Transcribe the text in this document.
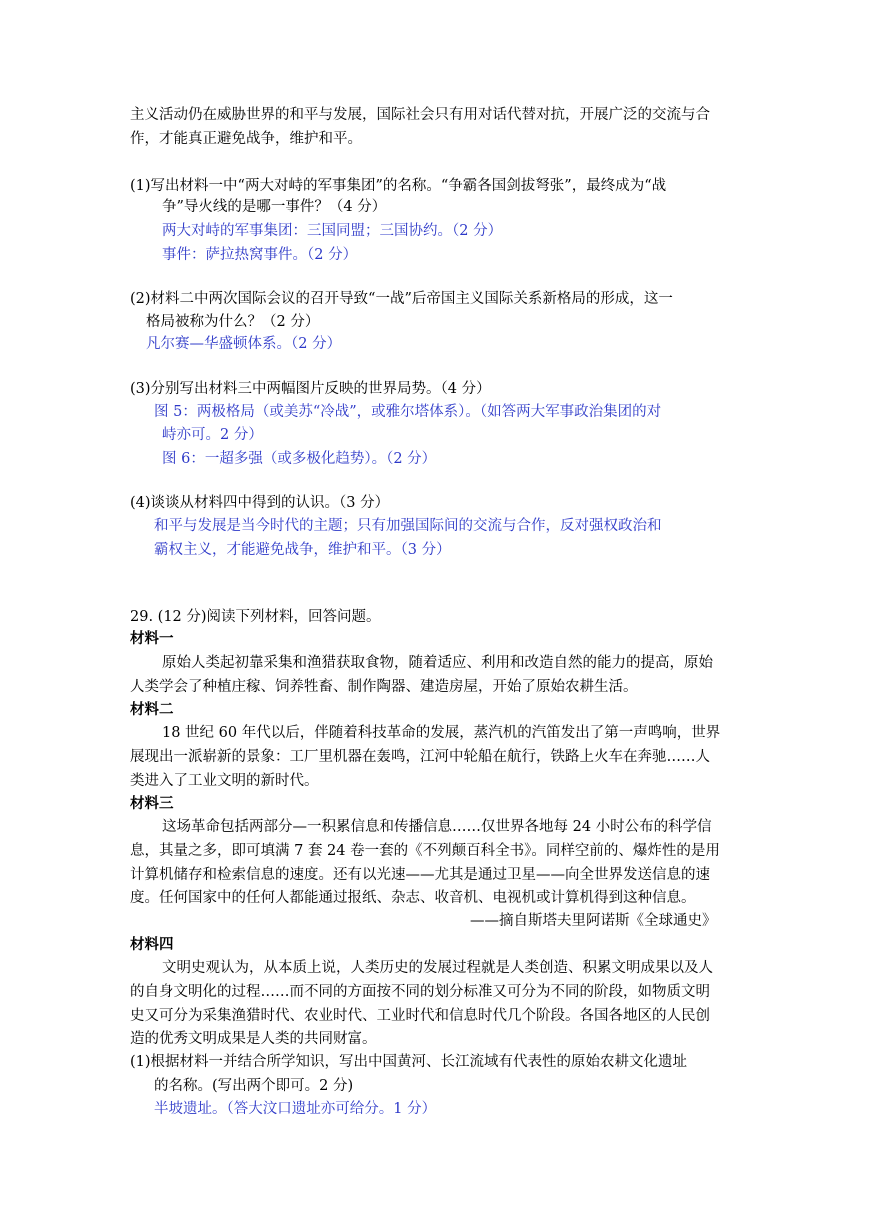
主义活动仍在威胁世界的和平与发展，国际社会只有用对话代替对抗，开展广泛的交流与合
作，才能真正避免战争，维护和平。
(1)写出材料一中“两大对峙的军事集团”的名称。“争霸各国剑拔弩张”，最终成为“战
争”导火线的是哪一事件？（4 分）
两大对峙的军事集团：三国同盟；三国协约。（2 分）
事件：萨拉热窝事件。（2 分）
(2)材料二中两次国际会议的召开导致“一战”后帝国主义国际关系新格局的形成，这一
格局被称为什么？（2 分）
凡尔赛—华盛顿体系。（2 分）
(3)分别写出材料三中两幅图片反映的世界局势。（4 分）
图 5：两极格局（或美苏“冷战”，或雅尔塔体系）。（如答两大军事政治集团的对
峙亦可。2 分）
图 6：一超多强（或多极化趋势）。（2 分）
(4)谈谈从材料四中得到的认识。（3 分）
和平与发展是当今时代的主题；只有加强国际间的交流与合作，反对强权政治和
霸权主义，才能避免战争，维护和平。（3 分）
29. (12 分)阅读下列材料，回答问题。
材料一
原始人类起初靠采集和渔猎获取食物，随着适应、利用和改造自然的能力的提高，原始
人类学会了种植庄稼、饲养牲畜、制作陶器、建造房屋，开始了原始农耕生活。
材料二
18 世纪 60 年代以后，伴随着科技革命的发展，蒸汽机的汽笛发出了第一声鸣响，世界
展现出一派崭新的景象：工厂里机器在轰鸣，江河中轮船在航行，铁路上火车在奔驰……人
类进入了工业文明的新时代。
材料三
这场革命包括两部分—一积累信息和传播信息……仅世界各地每 24 小时公布的科学信
息，其量之多，即可填满 7 套 24 卷一套的《不列颠百科全书》。同样空前的、爆炸性的是用
计算机储存和检索信息的速度。还有以光速——尤其是通过卫星——向全世界发送信息的速
度。任何国家中的任何人都能通过报纸、杂志、收音机、电视机或计算机得到这种信息。
——摘自斯塔夫里阿诺斯《全球通史》
材料四
文明史观认为，从本质上说，人类历史的发展过程就是人类创造、积累文明成果以及人
的自身文明化的过程……而不同的方面按不同的划分标准又可分为不同的阶段，如物质文明
史又可分为采集渔猎时代、农业时代、工业时代和信息时代几个阶段。各国各地区的人民创
造的优秀文明成果是人类的共同财富。
(1)根据材料一并结合所学知识，写出中国黄河、长江流域有代表性的原始农耕文化遗址
的名称。(写出两个即可。2 分)
半坡遗址。（答大汶口遗址亦可给分。1 分）
